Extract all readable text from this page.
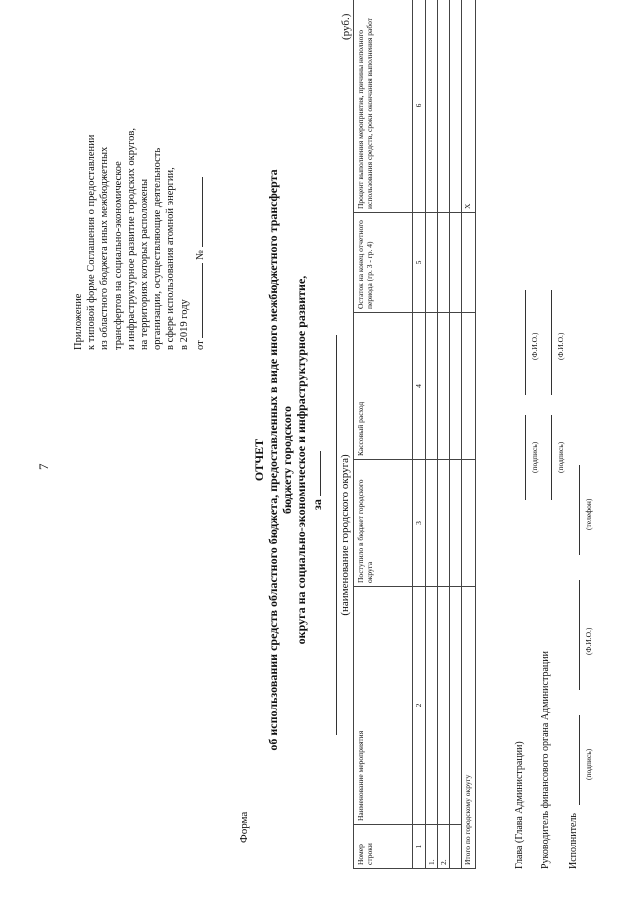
7
Приложение к типовой форме Соглашения о предоставлении из областного бюджета иных межбюджетных трансфертов на социально-экономическое и инфраструктурное развитие городских округов, на территориях которых расположены организации, осуществляющие деятельность в сфере использования атомной энергии, в 2019 году от  №
Форма
ОТЧЕТ об использовании средств областного бюджета, предоставленных в виде иного межбюджетного трансферта бюджету городского округа на социально-экономическое и инфраструктурное развитие, за (наименование городского округа)
(руб.)
Номер строки	Наименование мероприятия	Поступило в бюджет городского округа	Кассовый расход	Остаток на конец отчетного периода (гр. 3 - гр. 4)	Процент выполнения мероприятия, причины неполного использования средств, сроки окончания выполнения работ
1	2	3	4	5	6
1.					
2.					

Итого по городскому округу					X
Глава (Глава Администрации)
(подпись)
(Ф.И.О.)
Руководитель финансового органа Администрации
(подпись)
(Ф.И.О.)
Исполнитель
(подпись)
(Ф.И.О.)
(телефон)
